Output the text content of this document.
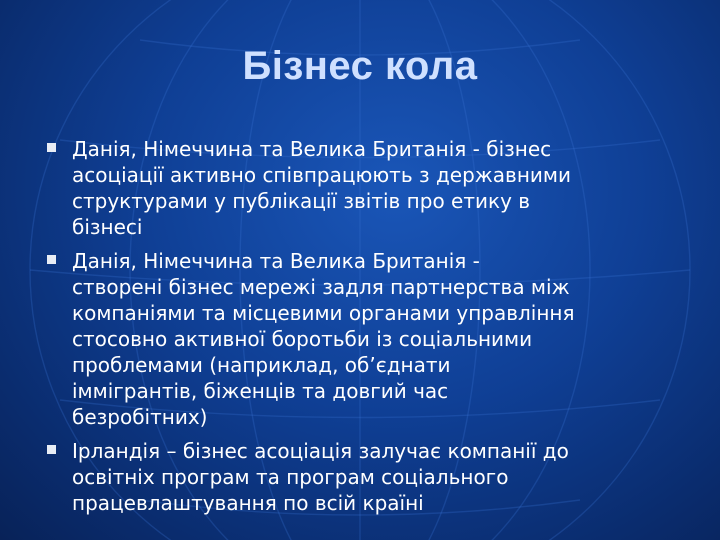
Бізнес кола
Данія, Німеччина та Велика Британія - бізнес
асоціації активно співпрацюють з державними
структурами у публікації звітів про етику в
бізнесі
Данія, Німеччина та Велика Британія -
створені бізнес мережі задля партнерства між
компаніями та місцевими органами управління
стосовно активної боротьби із соціальними
проблемами (наприклад, об’єднати
іммігрантів, біженців та довгий час
безробітних)
Ірландія – бізнес асоціація залучає компанії до
освітніх програм та програм соціального
працевлаштування по всій країні
